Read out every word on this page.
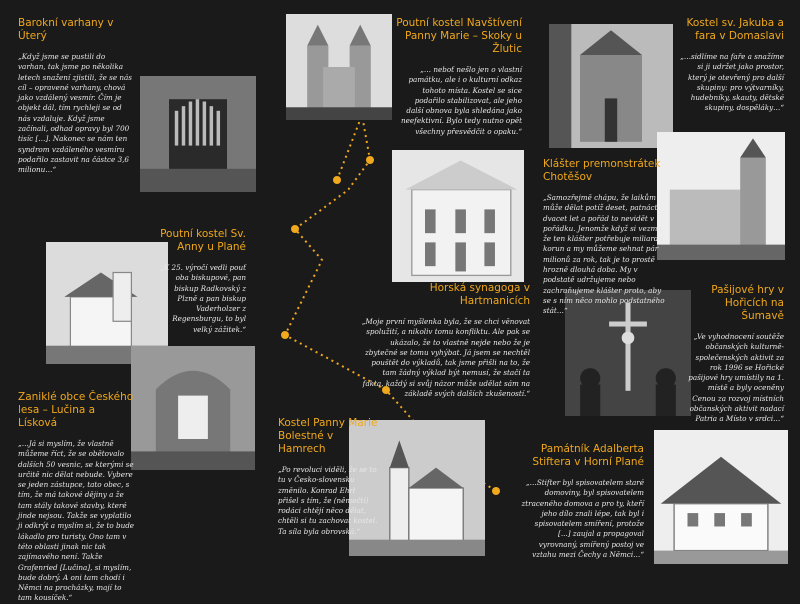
Barokní varhany v Úterý
„Když jsme se pustili do varhan, tak jsme po několika letech snažení zjistili, že se nás cíl – opravené varhany, chová jako vzdálený vesmír. Čím je objekt dál, tím rychleji se od nás vzdaluje. Když jsme začínali, odhad opravy byl 700 tisíc […]. Nakonec se nám ten syndrom vzdáleného vesmíru podařilo zastavit na částce 3,6 milionu…“
Poutní kostel Navštívení Panny Marie – Skoky u Žlutic
„… neboť nešlo jen o vlastní památku, ale i o kulturní odkaz tohoto místa. Kostel se sice podařilo stabilizovat, ale jeho další obnova byla shledána jako neefektivní. Bylo tedy nutno opět všechny přesvědčit o opaku.“
Kostel sv. Jakuba a fara v Domaslavi
„…sidlíme na faře a snažíme si ji udržet jako prostor, který je otevřený pro další skupiny: pro výtvarníky, hudebníky, skauty, dětské skupiny, dospěláky…“
Klášter premonstrátek Chotěšov
„Samozřejmě chápu, že laikům může dělat potíž deset, patnáct, dvacet let a pořád to nevidět v pořádku. Jenomže když si vezmu, že ten klášter potřebuje miliardu korun a my můžeme sehnat pár milionů za rok, tak je to prostě hrozně dlouhá doba. My v podstatě udržujeme nebo zachraňujeme klášter proto, aby se s ním něco mohlo podstatného stát…“
Poutní kostel Sv. Anny u Plané
„K 25. výročí vedli pouť oba biskupové, pan biskup Radkovský z Plzně a pan biskup Vaderholzer z Regensburgu, to byl velký zážitek.“
Horská synagoga v Hartmanicích
„Moje první myšlenka byla, že se chci věnovat spolužití, a nikoliv tomu konfliktu. Ale pak se ukázalo, že to vlastně nejde nebo že je zbytečné se tomu vyhýbat. Já jsem se nechtěl pouštět do výkladů, tak jsme přišli na to, že tam žádný výklad být nemusí, že stačí ta fakta, každý si svůj názor může udělat sám na základě svých dalších zkušeností.“
Pašijové hry v Hořicích na Šumavě
„Ve vyhodnocení soutěže občanských kulturně-společenských aktivit za rok 1996 se Hořické pašijové hry umístily na 1. místě a byly oceněny Cenou za rozvoj místních občanských aktivit nadací Patria a Místo v srdci…“
Zaniklé obce Českého lesa – Lučina a Lísková
„…Já si myslím, že vlastně můžeme říct, že se obětovalo dalších 50 vesnic, se kterými se určitě nic dělat nebude. Vybere se jeden zástupce, tato obec, s tím, že má takové dějiny a že tam stály takové stavby, které jinde nejsou. Takže se vyplatilo ji odkrýt a myslím si, že to bude lákadlo pro turisty. Ono tam v této oblasti jinak nic tak zajímavého není. Takže Grafenried [Lučina], si myslím, bude dobrý. A oni tam chodí i Němci na procházky, mají to tam kousíček.“
Kostel Panny Marie Bolestné v Hamrech
„Po revoluci viděli, že se to tu v Česko-slovensku změnilo. Konrad Ehrl přišel s tím, že (němečtí) rodáci chtějí něco dělat, chtěli si tu zachovat kostel. Ta síla byla obrovská.“
Památník Adalberta Stiftera v Horní Plané
„…Stifter byl spisovatelem staré domoviny, byl spisovatelem ztraceného domova a pro ty, kteří jeho dílo znali lépe, tak byl i spisovatelem smíření, protože [...] zaujal a propagoval vyrovnaný, smířený postoj ve vztahu mezi Čechy a Němci…“
